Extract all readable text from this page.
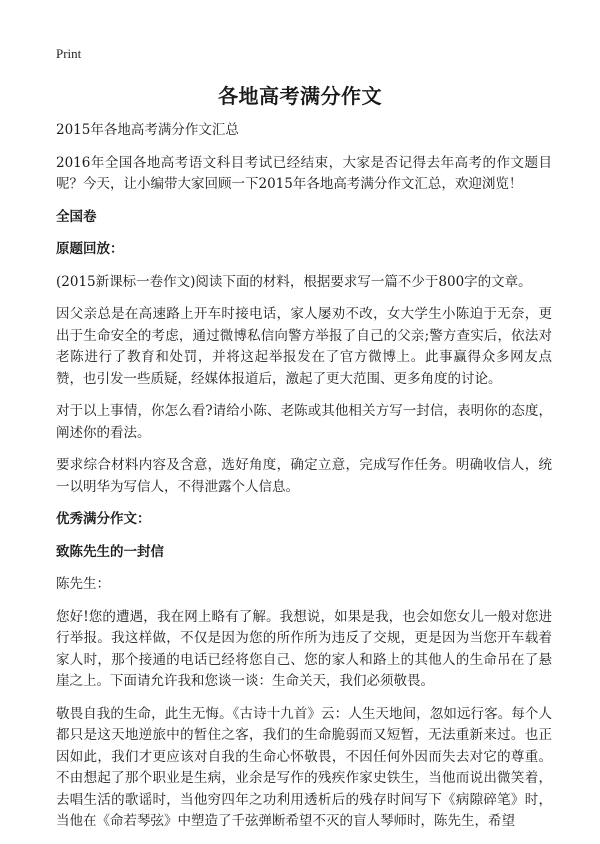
Print
各地高考满分作文

2015年各地高考满分作文汇总

2016年全国各地高考语文科目考试已经结束，大家是否记得去年高考的作文题目呢？今天，让小编带大家回顾一下2015年各地高考满分作文汇总，欢迎浏览！

全国卷

原题回放：

(2015新课标一卷作文)阅读下面的材料，根据要求写一篇不少于800字的文章。

因父亲总是在高速路上开车时接电话，家人屡劝不改，女大学生小陈迫于无奈，更出于生命安全的考虑，通过微博私信向警方举报了自己的父亲;警方查实后，依法对老陈进行了教育和处罚，并将这起举报发在了官方微博上。此事赢得众多网友点赞，也引发一些质疑，经媒体报道后，激起了更大范围、更多角度的讨论。

对于以上事情，你怎么看?请给小陈、老陈或其他相关方写一封信，表明你的态度，阐述你的看法。

要求综合材料内容及含意，选好角度，确定立意，完成写作任务。明确收信人，统一以明华为写信人，不得泄露个人信息。

优秀满分作文：

致陈先生的一封信

陈先生：

您好!您的遭遇，我在网上略有了解。我想说，如果是我，也会如您女儿一般对您进行举报。我这样做，不仅是因为您的所作所为违反了交规，更是因为当您开车载着家人时，那个接通的电话已经将您自己、您的家人和路上的其他人的生命吊在了悬崖之上。下面请允许我和您谈一谈：生命关天，我们必须敬畏。

敬畏自我的生命，此生无悔。《古诗十九首》云：人生天地间，忽如远行客。每个人都只是这天地逆旅中的暂住之客，我们的生命脆弱而又短暂，无法重新来过。也正因如此，我们才更应该对自我的生命心怀敬畏，不因任何外因而失去对它的尊重。不由想起了那个职业是生病，业余是写作的残疾作家史铁生，当他而说出微笑着，去唱生活的歌谣时，当他穷四年之功利用透析后的残存时间写下《病隙碎笔》时，当他在《命若琴弦》中塑造了千弦弹断希望不灭的盲人琴师时，陈先生，希望
